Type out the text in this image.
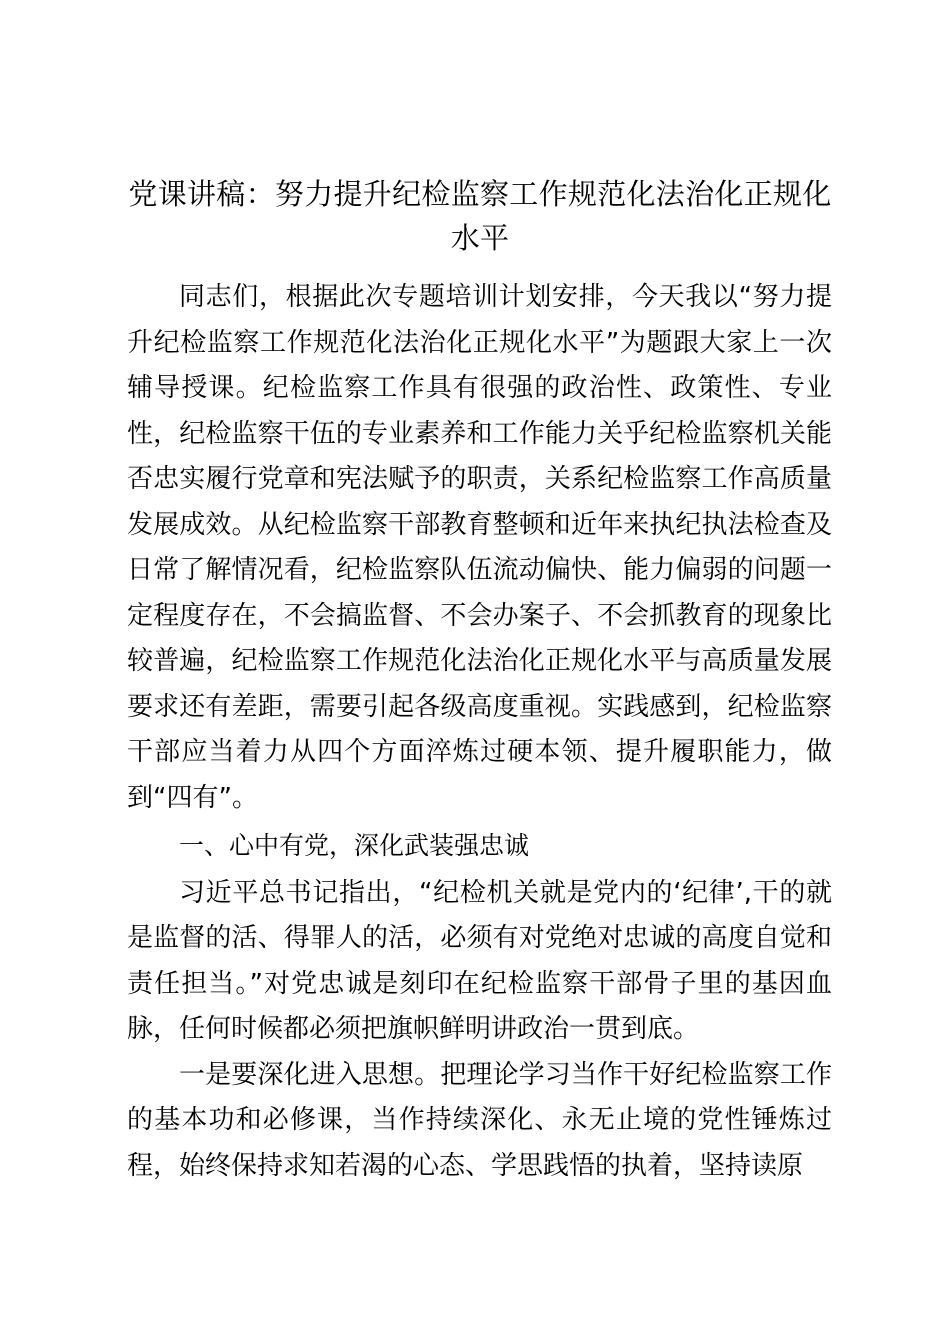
党课讲稿：努力提升纪检监察工作规范化法治化正规化水平

同志们，根据此次专题培训计划安排，今天我以“努力提升纪检监察工作规范化法治化正规化水平”为题跟大家上一次辅导授课。纪检监察工作具有很强的政治性、政策性、专业性，纪检监察干伍的专业素养和工作能力关乎纪检监察机关能否忠实履行党章和宪法赋予的职责，关系纪检监察工作高质量发展成效。从纪检监察干部教育整顿和近年来执纪执法检查及日常了解情况看，纪检监察队伍流动偏快、能力偏弱的问题一定程度存在，不会搞监督、不会办案子、不会抓教育的现象比较普遍，纪检监察工作规范化法治化正规化水平与高质量发展要求还有差距，需要引起各级高度重视。实践感到，纪检监察干部应当着力从四个方面淬炼过硬本领、提升履职能力，做到“四有”。

一、心中有党，深化武装强忠诚

习近平总书记指出，“纪检机关就是党内的‘纪律’,干的就是监督的活、得罪人的活，必须有对党绝对忠诚的高度自觉和责任担当。”对党忠诚是刻印在纪检监察干部骨子里的基因血脉，任何时候都必须把旗帜鲜明讲政治一贯到底。

一是要深化进入思想。把理论学习当作干好纪检监察工作的基本功和必修课，当作持续深化、永无止境的党性锤炼过程，始终保持求知若渴的心态、学思践悟的执着，坚持读原
